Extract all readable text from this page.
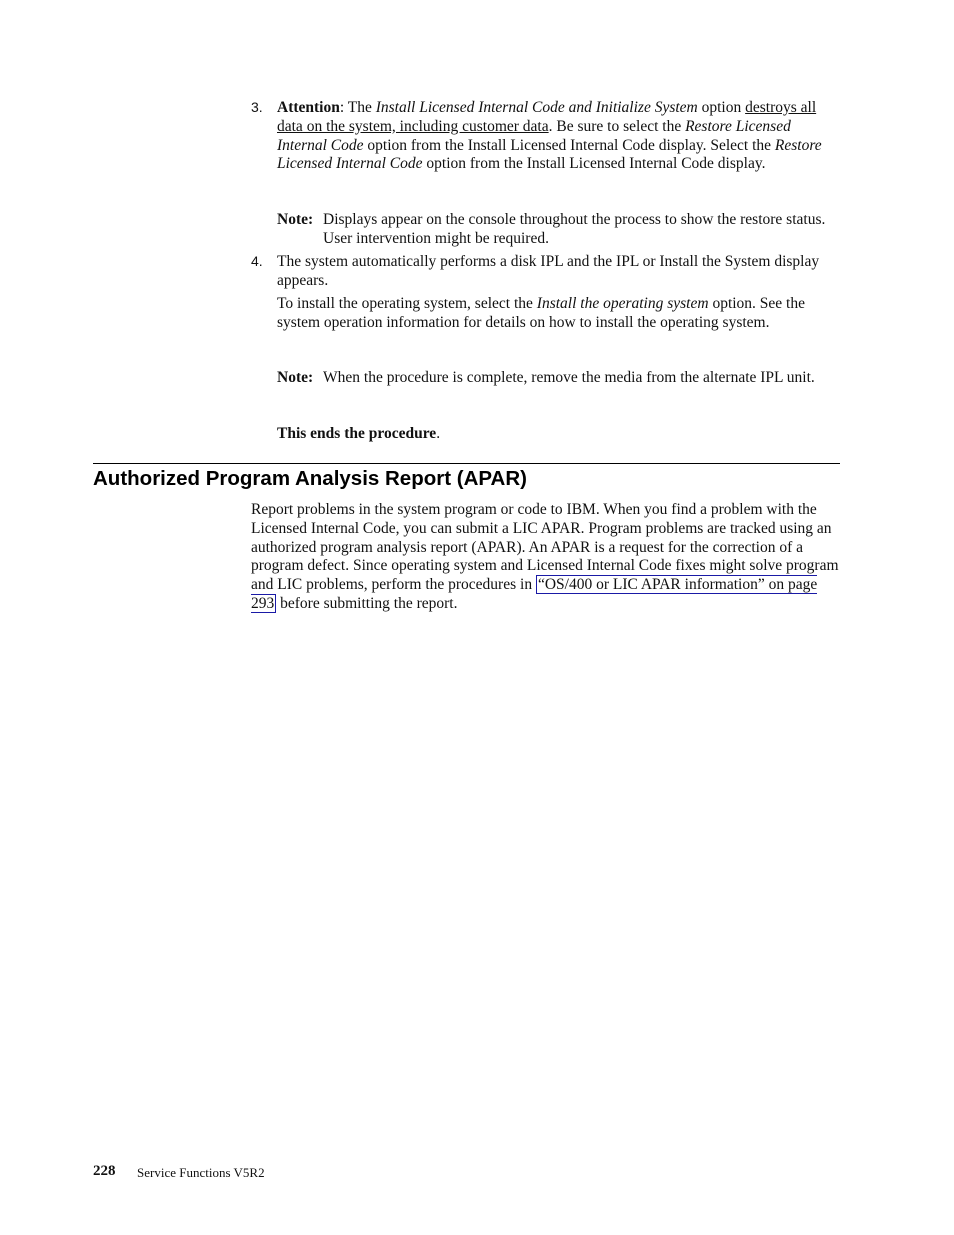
3. Attention: The Install Licensed Internal Code and Initialize System option destroys all data on the system, including customer data. Be sure to select the Restore Licensed Internal Code option from the Install Licensed Internal Code display. Select the Restore Licensed Internal Code option from the Install Licensed Internal Code display.
Note: Displays appear on the console throughout the process to show the restore status. User intervention might be required.
4. The system automatically performs a disk IPL and the IPL or Install the System display appears.
To install the operating system, select the Install the operating system option. See the system operation information for details on how to install the operating system.
Note: When the procedure is complete, remove the media from the alternate IPL unit.
This ends the procedure.
Authorized Program Analysis Report (APAR)
Report problems in the system program or code to IBM. When you find a problem with the Licensed Internal Code, you can submit a LIC APAR. Program problems are tracked using an authorized program analysis report (APAR). An APAR is a request for the correction of a program defect. Since operating system and Licensed Internal Code fixes might solve program and LIC problems, perform the procedures in “OS/400 or LIC APAR information” on page 293 before submitting the report.
228 Service Functions V5R2
